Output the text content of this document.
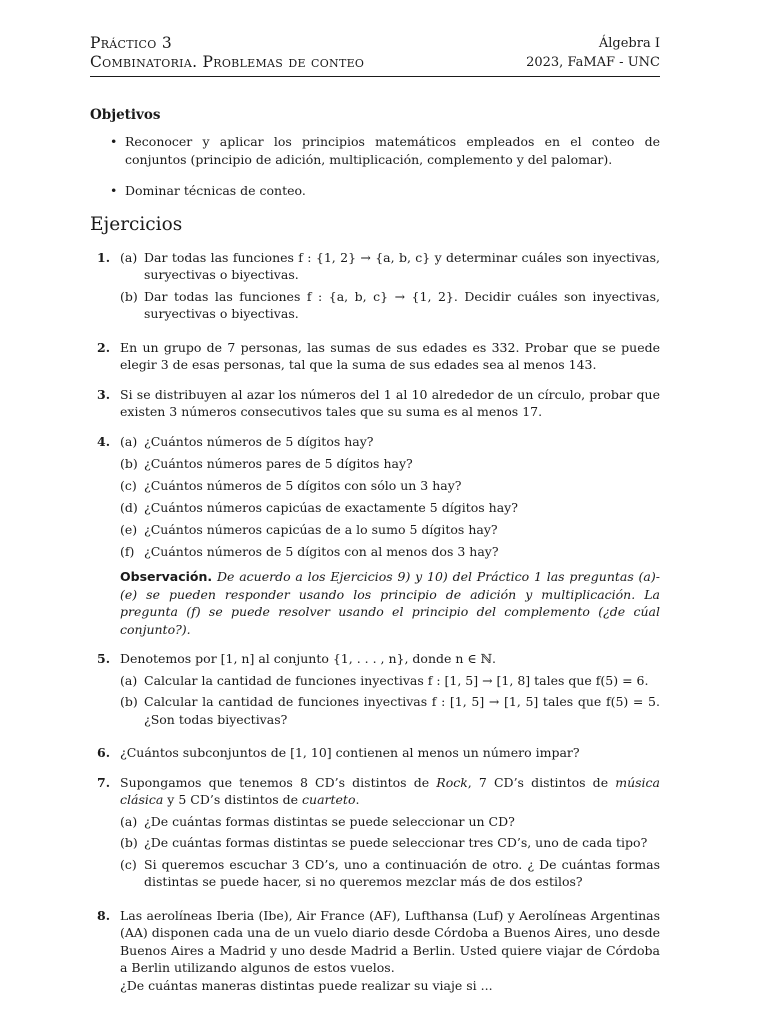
Práctico 3
Combinatoria. Problemas de conteo
Álgebra I
2023, FaMAF - UNC
Objetivos
• Reconocer y aplicar los principios matemáticos empleados en el conteo de conjuntos (principio de adición, multiplicación, complemento y del palomar).
• Dominar técnicas de conteo.
Ejercicios
1. (a) Dar todas las funciones f : {1, 2} → {a, b, c} y determinar cuáles son inyectivas, suryectivas o biyectivas.
(b) Dar todas las funciones f : {a, b, c} → {1, 2}. Decidir cuáles son inyectivas, suryectivas o biyectivas.
2. En un grupo de 7 personas, las sumas de sus edades es 332. Probar que se puede elegir 3 de esas personas, tal que la suma de sus edades sea al menos 143.
3. Si se distribuyen al azar los números del 1 al 10 alrededor de un círculo, probar que existen 3 números consecutivos tales que su suma es al menos 17.
4. (a) ¿Cuántos números de 5 dígitos hay?
(b) ¿Cuántos números pares de 5 dígitos hay?
(c) ¿Cuántos números de 5 dígitos con sólo un 3 hay?
(d) ¿Cuántos números capicúas de exactamente 5 dígitos hay?
(e) ¿Cuántos números capicúas de a lo sumo 5 dígitos hay?
(f) ¿Cuántos números de 5 dígitos con al menos dos 3 hay?
Observación. De acuerdo a los Ejercicios 9) y 10) del Práctico 1 las preguntas (a)-(e) se pueden responder usando los principio de adición y multiplicación. La pregunta (f) se puede resolver usando el principio del complemento (¿de cúal conjunto?).
5. Denotemos por [1, n] al conjunto {1, . . . , n}, donde n ∈ ℕ.
(a) Calcular la cantidad de funciones inyectivas f : [1, 5] → [1, 8] tales que f(5) = 6.
(b) Calcular la cantidad de funciones inyectivas f : [1, 5] → [1, 5] tales que f(5) = 5. ¿Son todas biyectivas?
6. ¿Cuántos subconjuntos de [1, 10] contienen al menos un número impar?
7. Supongamos que tenemos 8 CD’s distintos de Rock, 7 CD’s distintos de música clásica y 5 CD’s distintos de cuarteto.
(a) ¿De cuántas formas distintas se puede seleccionar un CD?
(b) ¿De cuántas formas distintas se puede seleccionar tres CD’s, uno de cada tipo?
(c) Si queremos escuchar 3 CD’s, uno a continuación de otro. ¿ De cuántas formas distintas se puede hacer, si no queremos mezclar más de dos estilos?
8. Las aerolíneas Iberia (Ibe), Air France (AF), Lufthansa (Luf) y Aerolíneas Argentinas (AA) disponen cada una de un vuelo diario desde Córdoba a Buenos Aires, uno desde Buenos Aires a Madrid y uno desde Madrid a Berlin. Usted quiere viajar de Córdoba a Berlin utilizando algunos de estos vuelos.
¿De cuántas maneras distintas puede realizar su viaje si ...
